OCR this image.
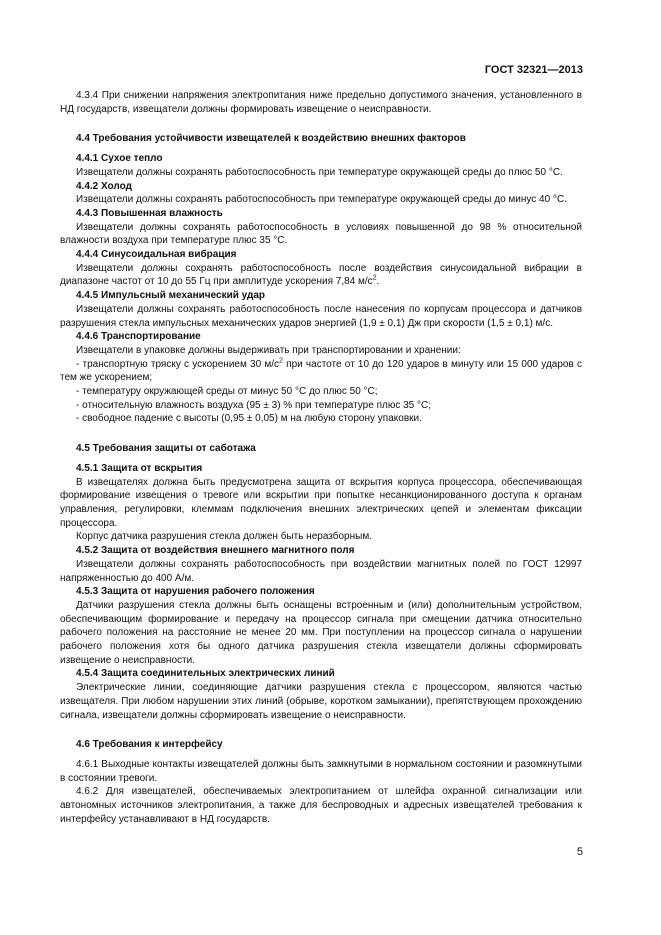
ГОСТ 32321—2013

4.3.4 При снижении напряжения электропитания ниже предельно допустимого значения, установленного в НД государств, извещатели должны формировать извещение о неисправности.

4.4 Требования устойчивости извещателей к воздействию внешних факторов
4.4.1 Сухое тепло

Извещатели должны сохранять работоспособность при температуре окружающей среды до плюс 50 °С.

4.4.2 Холод

Извещатели должны сохранять работоспособность при температуре окружающей среды до минус 40 °С.

4.4.3 Повышенная влажность

Извещатели должны сохранять работоспособность в условиях повышенной до 98 % относительной влажности воздуха при температуре плюс 35 °С.

4.4.4 Синусоидальная вибрация

Извещатели должны сохранять работоспособность после воздействия синусоидальной вибрации в диапазоне частот от 10 до 55 Гц при амплитуде ускорения 7,84 $м/с^2$.

4.4.5 Импульсный механический удар

Извещатели должны сохранять работоспособность после нанесения по корпусам процессора и датчиков разрушения стекла импульсных механических ударов энергией (1,9 ± 0,1) Дж при скорости (1,5 ± 0,1) м/с.

4.4.6 Транспортирование

Извещатели в упаковке должны выдерживать при транспортировании и хранении:

- транспортную тряску с ускорением 30 $м/с^2$ при частоте от 10 до 120 ударов в минуту или 15 000 ударов с тем же ускорением;

- температуру окружающей среды от минус 50 °С до плюс 50 °С;

- относительную влажность воздуха (95 ± 3) % при температуре плюс 35 °С;

- свободное падение с высоты (0,95 ± 0,05) м на любую сторону упаковки.

4.5 Требования защиты от саботажа
4.5.1 Защита от вскрытия

В извещателях должна быть предусмотрена защита от вскрытия корпуса процессора, обеспечивающая формирование извещения о тревоге или вскрытии при попытке несанкционированного доступа к органам управления, регулировки, клеммам подключения внешних электрических цепей и элементам фиксации процессора.

Корпус датчика разрушения стекла должен быть неразборным.

4.5.2 Защита от воздействия внешнего магнитного поля

Извещатели должны сохранять работоспособность при воздействии магнитных полей по ГОСТ 12997 напряженностью до 400 А/м.

4.5.3 Защита от нарушения рабочего положения

Датчики разрушения стекла должны быть оснащены встроенным и (или) дополнительным устройством, обеспечивающим формирование и передачу на процессор сигнала при смещении датчика относительно рабочего положения на расстояние не менее 20 мм. При поступлении на процессор сигнала о нарушении рабочего положения хотя бы одного датчика разрушения стекла извещатели должны сформировать извещение о неисправности.

4.5.4 Защита соединительных электрических линий

Электрические линии, соединяющие датчики разрушения стекла с процессором, являются частью извещателя. При любом нарушении этих линий (обрыве, коротком замыкании), препятствующем прохождению сигнала, извещатели должны сформировать извещение о неисправности.

4.6 Требования к интерфейсу

4.6.1 Выходные контакты извещателей должны быть замкнутыми в нормальном состоянии и разомкнутыми в состоянии тревоги.

4.6.2 Для извещателей, обеспечиваемых электропитанием от шлейфа охранной сигнализации или автономных источников электропитания, а также для беспроводных и адресных извещателей требования к интерфейсу устанавливают в НД государств.

5
